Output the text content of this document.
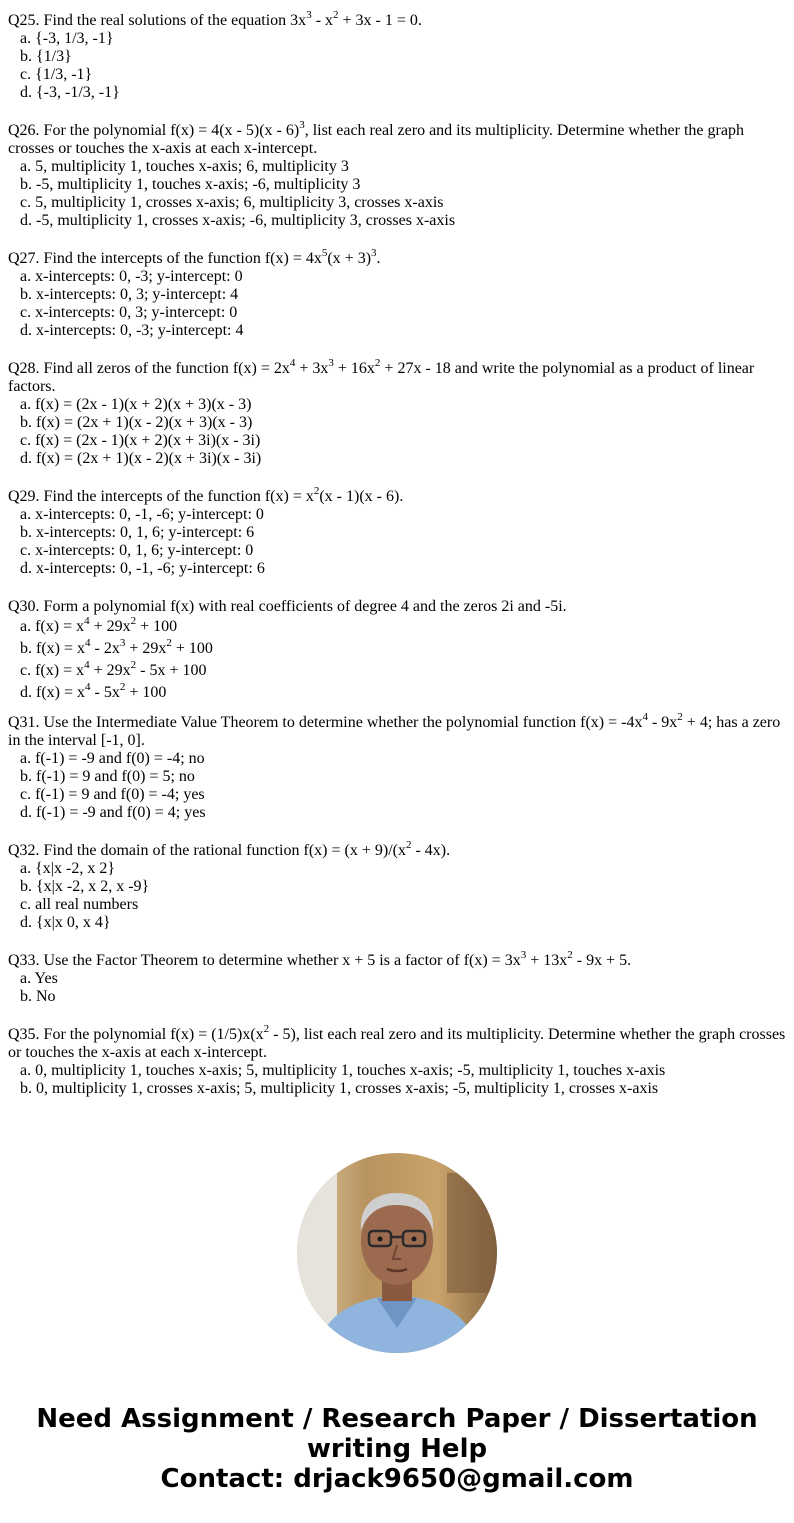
Q25. Find the real solutions of the equation $3x^3 - x^2 + 3x - 1 = 0$.
a. {-3, 1/3, -1}
b. {1/3}
c. {1/3, -1}
d. {-3, -1/3, -1}
Q26. For the polynomial f(x) = 4(x - 5)(x - 6)$^3$, list each real zero and its multiplicity. Determine whether the graph crosses or touches the x-axis at each x-intercept.
a. 5, multiplicity 1, touches x-axis; 6, multiplicity 3
b. -5, multiplicity 1, touches x-axis; -6, multiplicity 3
c. 5, multiplicity 1, crosses x-axis; 6, multiplicity 3, crosses x-axis
d. -5, multiplicity 1, crosses x-axis; -6, multiplicity 3, crosses x-axis
Q27. Find the intercepts of the function $f(x) = 4x^5(x + 3)^3$.
a. x-intercepts: 0, -3; y-intercept: 0
b. x-intercepts: 0, 3; y-intercept: 4
c. x-intercepts: 0, 3; y-intercept: 0
d. x-intercepts: 0, -3; y-intercept: 4
Q28. Find all zeros of the function $f(x) = 2x^4 + 3x^3 + 16x^2 + 27x - 18$ and write the polynomial as a product of linear factors.
a. f(x) = (2x - 1)(x + 2)(x + 3)(x - 3)
b. f(x) = (2x + 1)(x - 2)(x + 3)(x - 3)
c. f(x) = (2x - 1)(x + 2)(x + 3i)(x - 3i)
d. f(x) = (2x + 1)(x - 2)(x + 3i)(x - 3i)
Q29. Find the intercepts of the function $f(x) = x^2(x - 1)(x - 6)$.
a. x-intercepts: 0, -1, -6; y-intercept: 0
b. x-intercepts: 0, 1, 6; y-intercept: 6
c. x-intercepts: 0, 1, 6; y-intercept: 0
d. x-intercepts: 0, -1, -6; y-intercept: 6
Q30. Form a polynomial f(x) with real coefficients of degree 4 and the zeros 2i and -5i.
a. $f(x) = x^4 + 29x^2 + 100$
b. $f(x) = x^4 - 2x^3 + 29x^2 + 100$
c. $f(x) = x^4 + 29x^2 - 5x + 100$
d. $f(x) = x^4 - 5x^2 + 100$
Q31. Use the Intermediate Value Theorem to determine whether the polynomial function $f(x) = -4x^4 - 9x^2 + 4$; has a zero in the interval [-1, 0].
a. f(-1) = -9 and f(0) = -4; no
b. f(-1) = 9 and f(0) = 5; no
c. f(-1) = 9 and f(0) = -4; yes
d. f(-1) = -9 and f(0) = 4; yes
Q32. Find the domain of the rational function $f(x) = (x + 9)/(x^2 - 4x)$.
a. {x|x -2, x 2}
b. {x|x -2, x 2, x -9}
c. all real numbers
d. {x|x 0, x 4}
Q33. Use the Factor Theorem to determine whether x + 5 is a factor of $f(x) = 3x^3 + 13x^2 - 9x + 5$.
a. Yes
b. No
Q35. For the polynomial $f(x) = (1/5)x(x^2 - 5)$, list each real zero and its multiplicity. Determine whether the graph crosses or touches the x-axis at each x-intercept.
a. 0, multiplicity 1, touches x-axis; 5, multiplicity 1, touches x-axis; -5, multiplicity 1, touches x-axis
b. 0, multiplicity 1, crosses x-axis; 5, multiplicity 1, crosses x-axis; -5, multiplicity 1, crosses x-axis
Need Assignment / Research Paper / Dissertation writing Help
Contact: drjack9650@gmail.com
